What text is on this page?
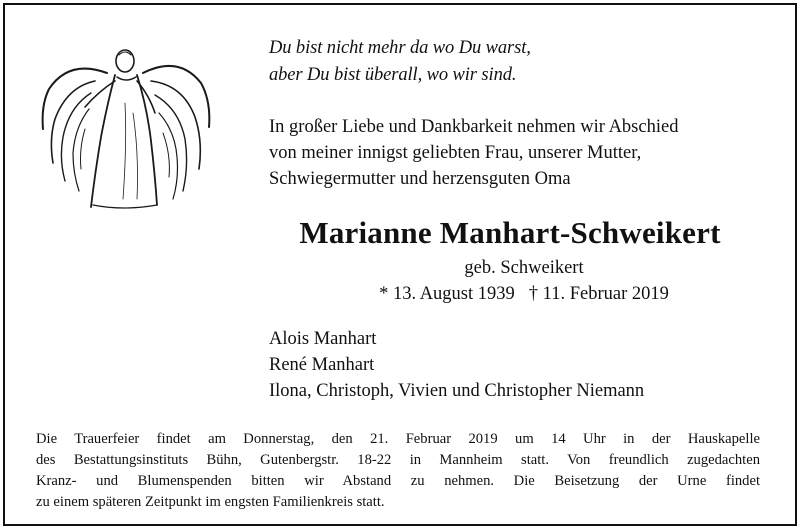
Du bist nicht mehr da wo Du warst,
aber Du bist überall, wo wir sind.
In großer Liebe und Dankbarkeit nehmen wir Abschied
von meiner innigst geliebten Frau, unserer Mutter,
Schwiegermutter und herzensguten Oma
Marianne Manhart-Schweikert
geb. Schweikert
* 13. August 1939 † 11. Februar 2019
Alois Manhart
René Manhart
Ilona, Christoph, Vivien und Christopher Niemann
Die Trauerfeier findet am Donnerstag, den 21. Februar 2019 um 14 Uhr in der Hauskapelle
des Bestattungsinstituts Bühn, Gutenbergstr. 18-22 in Mannheim statt. Von freundlich zugedachten
Kranz- und Blumenspenden bitten wir Abstand zu nehmen. Die Beisetzung der Urne findet
zu einem späteren Zeitpunkt im engsten Familienkreis statt.
